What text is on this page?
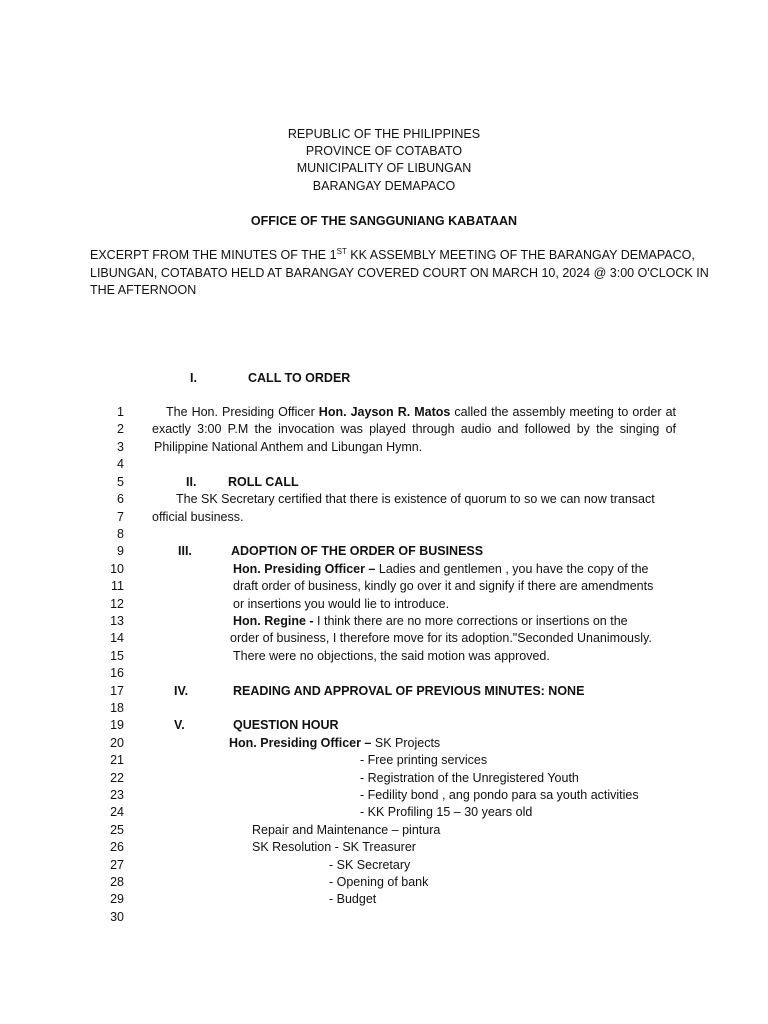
REPUBLIC OF THE PHILIPPINES
PROVINCE OF COTABATO
MUNICIPALITY OF LIBUNGAN
BARANGAY DEMAPACO
OFFICE OF THE SANGGUNIANG KABATAAN
EXCERPT FROM THE MINUTES OF THE 1ST KK ASSEMBLY MEETING OF THE BARANGAY DEMAPACO,
LIBUNGAN, COTABATO HELD AT BARANGAY COVERED COURT ON MARCH 10, 2024 @ 3:00 O'CLOCK IN
THE AFTERNOON
I.	CALL TO ORDER
1
2
3
4
5
6
7
8
9
10
11
12
13
14
15
16
17
18
19
20
21
22
23
24
25
26
27
28
29
30
The Hon. Presiding Officer Hon. Jayson R. Matos called the assembly meeting to order at
exactly 3:00 P.M the invocation was played through audio and followed by the singing of
Philippine National Anthem and Libungan Hymn.
II.	ROLL CALL
The SK Secretary certified that there is existence of quorum to so we can now transact
official business.
III.	ADOPTION OF THE ORDER OF BUSINESS
Hon. Presiding Officer – Ladies and gentlemen , you have the copy of the
draft order of business, kindly go over it and signify if there are amendments
or insertions you would lie to introduce.
Hon. Regine - I think there are no more corrections or insertions on the
order of business, I therefore move for its adoption."Seconded Unanimously.
There were no objections, the said motion was approved.
IV.	READING AND APPROVAL OF PREVIOUS MINUTES: NONE
V.	QUESTION HOUR
Hon. Presiding Officer – SK Projects
- Free printing services
- Registration of the Unregistered Youth
- Fedility bond , ang pondo para sa youth activities
- KK Profiling 15 – 30 years old
Repair and Maintenance – pintura
SK Resolution - SK Treasurer
- SK Secretary
- Opening of bank
- Budget
